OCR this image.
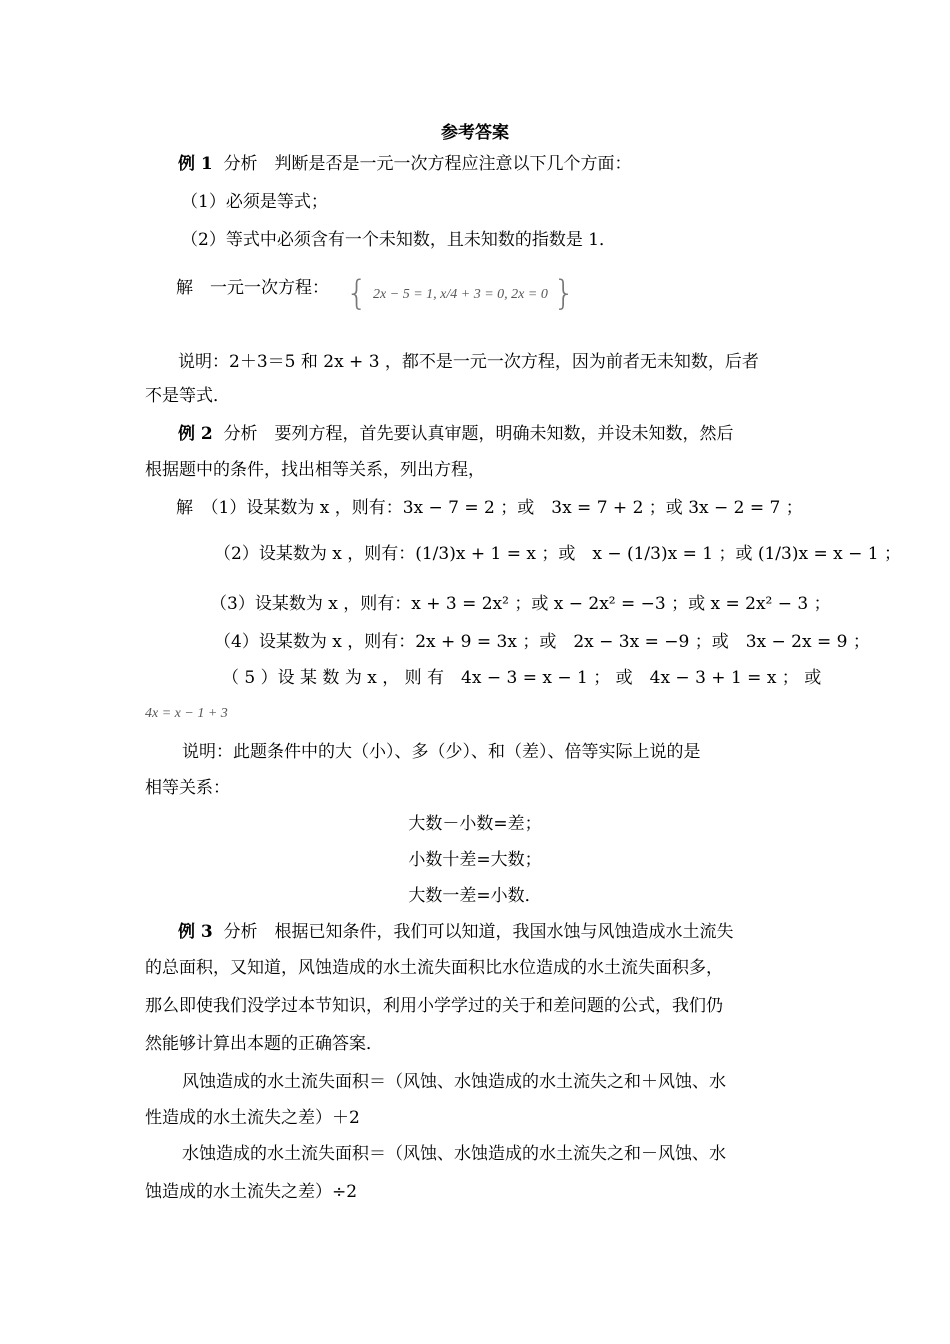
参考答案
例 1 分析　判断是否是一元一次方程应注意以下几个方面：
（1）必须是等式；
（2）等式中必须含有一个未知数，且未知数的指数是 1．
解　一元一次方程： { 2x − 5 = 1, x/4 + 3 = 0, 2x = 0 }
说明：2＋3＝5 和 2x + 3 ，都不是一元一次方程，因为前者无未知数，后者
不是等式．
例 2 分析　要列方程，首先要认真审题，明确未知数，并设未知数，然后
根据题中的条件，找出相等关系，列出方程，
解　（1）设某数为 x ，则有：3x − 7 = 2 ；或　3x = 7 + 2 ；或 3x − 2 = 7 ；
（2）设某数为 x ，则有：(1/3)x + 1 = x ；或　x − (1/3)x = 1 ；或 (1/3)x = x − 1 ；
（3）设某数为 x ，则有：x + 3 = 2x² ；或 x − 2x² = −3 ；或 x = 2x² − 3 ；
（4）设某数为 x ，则有：2x + 9 = 3x ；或　2x − 3x = −9 ；或　3x − 2x = 9 ；
（ 5 ）设 某 数 为 x ， 则 有　4x − 3 = x − 1 ； 或　4x − 3 + 1 = x ； 或
4x = x − 1 + 3
说明：此题条件中的大（小）、多（少）、和（差）、倍等实际上说的是
相等关系：
大数－小数=差；
小数十差=大数；
大数一差=小数．
例 3 分析　根据已知条件，我们可以知道，我国水蚀与风蚀造成水土流失
的总面积，又知道，风蚀造成的水土流失面积比水位造成的水土流失面积多，
那么即使我们没学过本节知识，利用小学学过的关于和差问题的公式，我们仍
然能够计算出本题的正确答案．
风蚀造成的水土流失面积＝（风蚀、水蚀造成的水土流失之和＋风蚀、水
性造成的水土流失之差）＋2
水蚀造成的水土流失面积＝（风蚀、水蚀造成的水土流失之和－风蚀、水
蚀造成的水土流失之差）÷2
